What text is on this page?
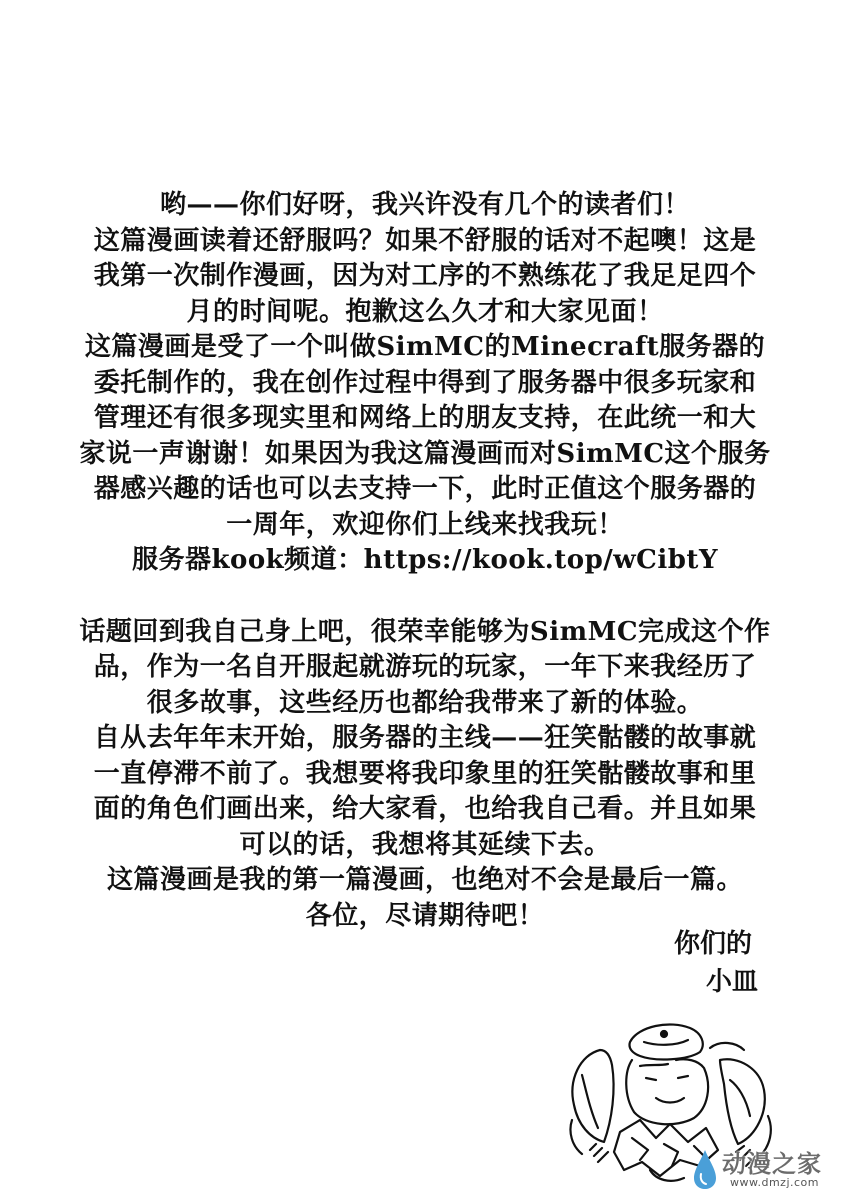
哟——你们好呀，我兴许没有几个的读者们！
这篇漫画读着还舒服吗？如果不舒服的话对不起噢！这是
我第一次制作漫画，因为对工序的不熟练花了我足足四个
月的时间呢。抱歉这么久才和大家见面！
这篇漫画是受了一个叫做SimMC的Minecraft服务器的
委托制作的，我在创作过程中得到了服务器中很多玩家和
管理还有很多现实里和网络上的朋友支持，在此统一和大
家说一声谢谢！如果因为我这篇漫画而对SimMC这个服务
器感兴趣的话也可以去支持一下，此时正值这个服务器的
一周年，欢迎你们上线来找我玩！
服务器kook频道：https://kook.top/wCibtY
话题回到我自己身上吧，很荣幸能够为SimMC完成这个作
品，作为一名自开服起就游玩的玩家，一年下来我经历了
很多故事，这些经历也都给我带来了新的体验。
自从去年年末开始，服务器的主线——狂笑骷髅的故事就
一直停滞不前了。我想要将我印象里的狂笑骷髅故事和里
面的角色们画出来，给大家看，也给我自己看。并且如果
可以的话，我想将其延续下去。
这篇漫画是我的第一篇漫画，也绝对不会是最后一篇。
各位，尽请期待吧！
你们的
小皿
动漫之家
www.dmzj.com
